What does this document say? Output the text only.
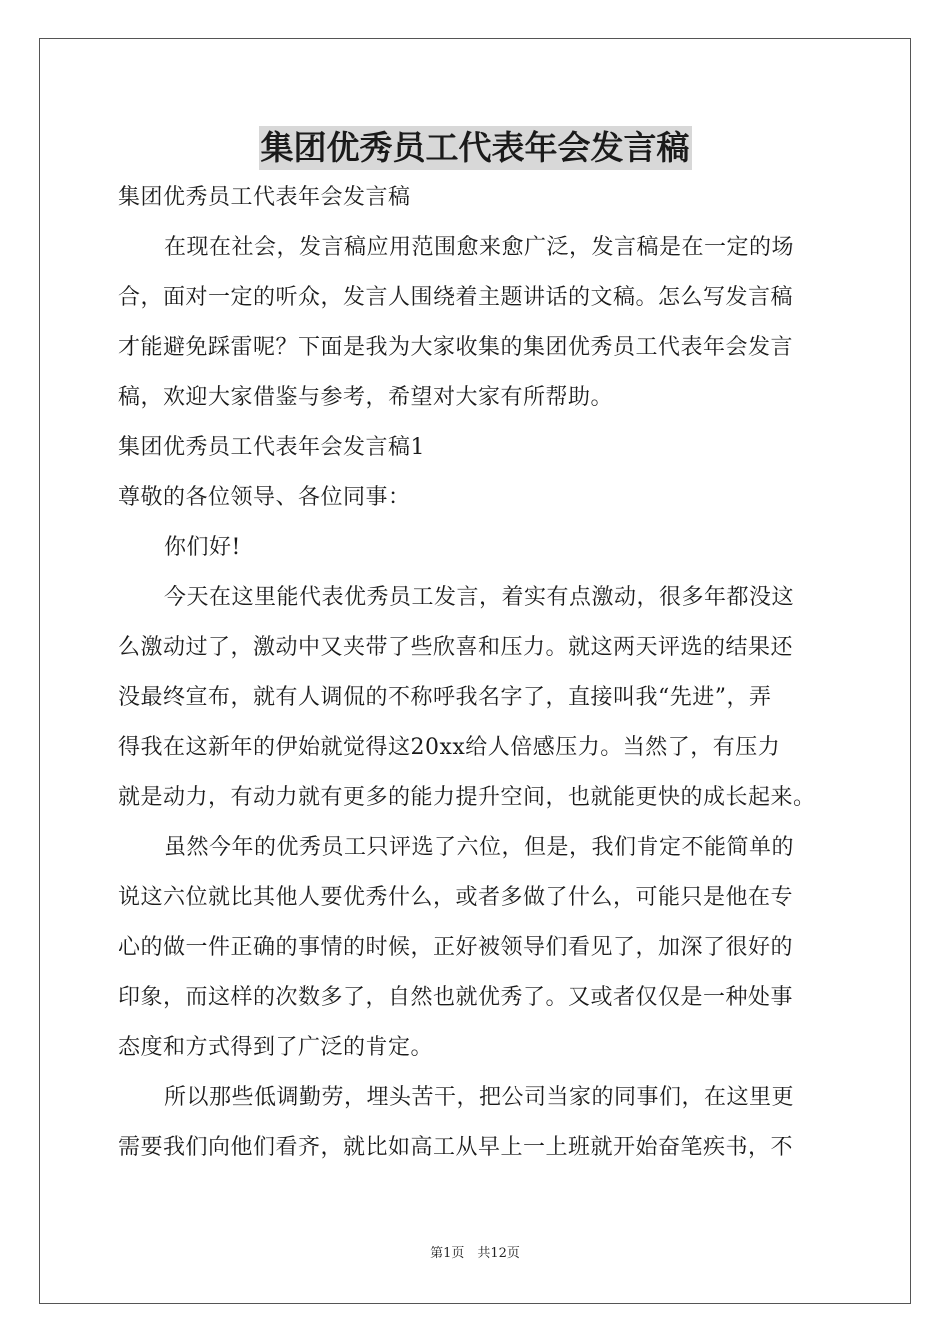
集团优秀员工代表年会发言稿

集团优秀员工代表年会发言稿

在现在社会，发言稿应用范围愈来愈广泛，发言稿是在一定的场

合，面对一定的听众，发言人围绕着主题讲话的文稿。怎么写发言稿

才能避免踩雷呢？下面是我为大家收集的集团优秀员工代表年会发言

稿，欢迎大家借鉴与参考，希望对大家有所帮助。

集团优秀员工代表年会发言稿1

尊敬的各位领导、各位同事：

你们好!

今天在这里能代表优秀员工发言，着实有点激动，很多年都没这

么激动过了，激动中又夹带了些欣喜和压力。就这两天评选的结果还

没最终宣布，就有人调侃的不称呼我名字了，直接叫我“先进”，弄

得我在这新年的伊始就觉得这20xx给人倍感压力。当然了，有压力

就是动力，有动力就有更多的能力提升空间，也就能更快的成长起来。

虽然今年的优秀员工只评选了六位，但是，我们肯定不能简单的

说这六位就比其他人要优秀什么，或者多做了什么，可能只是他在专

心的做一件正确的事情的时候，正好被领导们看见了，加深了很好的

印象，而这样的次数多了，自然也就优秀了。又或者仅仅是一种处事

态度和方式得到了广泛的肯定。

所以那些低调勤劳，埋头苦干，把公司当家的同事们，在这里更

需要我们向他们看齐，就比如高工从早上一上班就开始奋笔疾书，不

第1页　共12页
